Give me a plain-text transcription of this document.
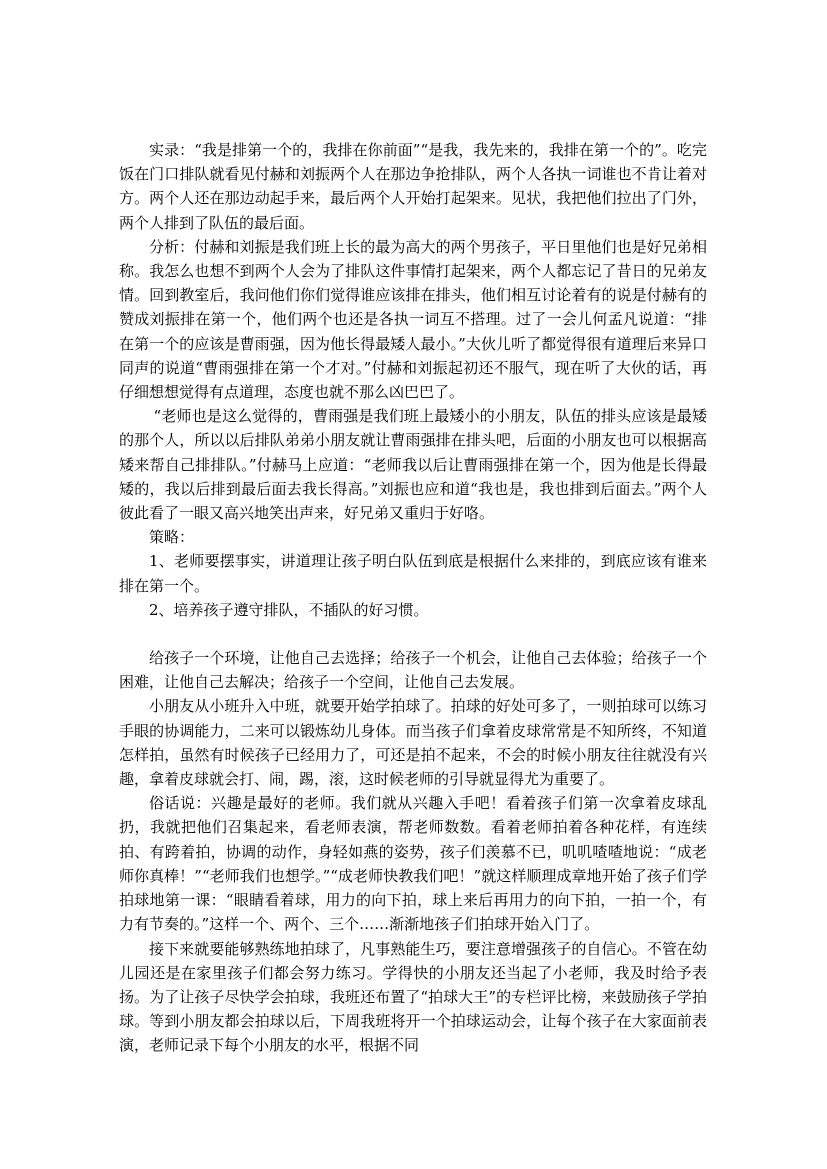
实录：“我是排第一个的，我排在你前面”“是我，我先来的，我排在第一个的”。吃完饭在门口排队就看见付赫和刘振两个人在那边争抢排队，两个人各执一词谁也不肯让着对方。两个人还在那边动起手来，最后两个人开始打起架来。见状，我把他们拉出了门外，两个人排到了队伍的最后面。

分析：付赫和刘振是我们班上长的最为高大的两个男孩子，平日里他们也是好兄弟相称。我怎么也想不到两个人会为了排队这件事情打起架来，两个人都忘记了昔日的兄弟友情。回到教室后，我问他们你们觉得谁应该排在排头，他们相互讨论着有的说是付赫有的赞成刘振排在第一个，他们两个也还是各执一词互不搭理。过了一会儿何孟凡说道：“排在第一个的应该是曹雨强，因为他长得最矮人最小。”大伙儿听了都觉得很有道理后来异口同声的说道“曹雨强排在第一个才对。”付赫和刘振起初还不服气，现在听了大伙的话，再仔细想想觉得有点道理，态度也就不那么凶巴巴了。

“老师也是这么觉得的，曹雨强是我们班上最矮小的小朋友，队伍的排头应该是最矮的那个人，所以以后排队弟弟小朋友就让曹雨强排在排头吧，后面的小朋友也可以根据高矮来帮自己排排队。”付赫马上应道：“老师我以后让曹雨强排在第一个，因为他是长得最矮的，我以后排到最后面去我长得高。”刘振也应和道“我也是，我也排到后面去。”两个人彼此看了一眼又高兴地笑出声来，好兄弟又重归于好咯。

策略：

1、老师要摆事实，讲道理让孩子明白队伍到底是根据什么来排的，到底应该有谁来排在第一个。

2、培养孩子遵守排队，不插队的好习惯。

给孩子一个环境，让他自己去选择；给孩子一个机会，让他自己去体验；给孩子一个困难，让他自己去解决；给孩子一个空间，让他自己去发展。

小朋友从小班升入中班，就要开始学拍球了。拍球的好处可多了，一则拍球可以练习手眼的协调能力，二来可以锻炼幼儿身体。而当孩子们拿着皮球常常是不知所终，不知道怎样拍，虽然有时候孩子已经用力了，可还是拍不起来，不会的时候小朋友往往就没有兴趣，拿着皮球就会打、闹，踢，滚，这时候老师的引导就显得尤为重要了。

俗话说：兴趣是最好的老师。我们就从兴趣入手吧！看着孩子们第一次拿着皮球乱扔，我就把他们召集起来，看老师表演，帮老师数数。看着老师拍着各种花样，有连续拍、有跨着拍，协调的动作，身轻如燕的姿势，孩子们羡慕不已，叽叽喳喳地说：“成老师你真棒！”“老师我们也想学。”“成老师快教我们吧！”就这样顺理成章地开始了孩子们学拍球地第一课：“眼睛看着球，用力的向下拍，球上来后再用力的向下拍，一拍一个，有力有节奏的。”这样一个、两个、三个……渐渐地孩子们拍球开始入门了。

接下来就要能够熟练地拍球了，凡事熟能生巧，要注意增强孩子的自信心。不管在幼儿园还是在家里孩子们都会努力练习。学得快的小朋友还当起了小老师，我及时给予表扬。为了让孩子尽快学会拍球，我班还布置了“拍球大王”的专栏评比榜，来鼓励孩子学拍球。等到小朋友都会拍球以后，下周我班将开一个拍球运动会，让每个孩子在大家面前表演，老师记录下每个小朋友的水平，根据不同
